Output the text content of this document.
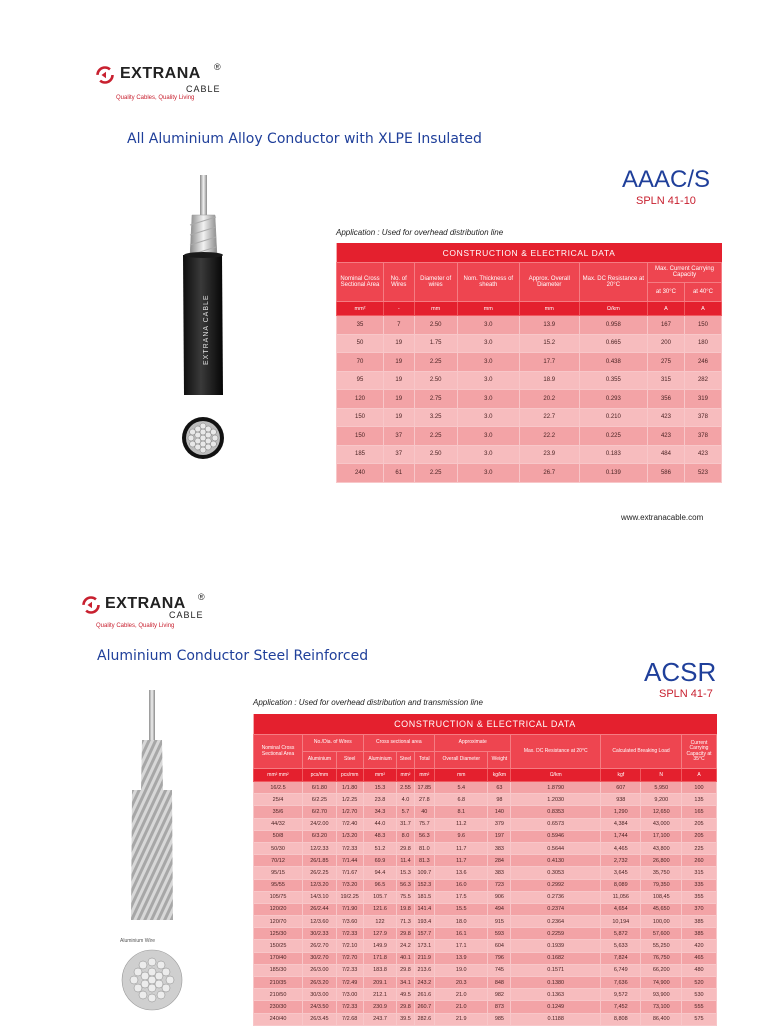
EXTRANA ®
CABLE
Quality Cables, Quality Living
All Aluminium Alloy Conductor with XLPE Insulated
AAAC/S
SPLN 41-10
EXTRANA CABLE
Application : Used for overhead distribution line
CONSTRUCTION & ELECTRICAL DATA							
Nominal Cross Sectional Area	No. of Wires	Diameter of wires	Nom. Thickness of sheath	Approx. Overall Diameter	Max. DC Resistance at 20°C	Max. Current Carrying Capacity	
						at 30°C	at 40°C
mm²	-	mm	mm	mm	Ω/km	A	A
35	7	2.50	3.0	13.9	0.958	167	150
50	19	1.75	3.0	15.2	0.665	200	180
70	19	2.25	3.0	17.7	0.438	275	246
95	19	2.50	3.0	18.9	0.355	315	282
120	19	2.75	3.0	20.2	0.293	356	319
150	19	3.25	3.0	22.7	0.210	423	378
150	37	2.25	3.0	22.2	0.225	423	378
185	37	2.50	3.0	23.9	0.183	484	423
240	61	2.25	3.0	26.7	0.139	586	523
www.extranacable.com
EXTRANA ®
CABLE
Quality Cables, Quality Living
Aluminium Conductor Steel Reinforced
ACSR
SPLN 41-7
Aluminium Wire
Application : Used for overhead distribution and transmission line
CONSTRUCTION & ELECTRICAL DATA											
Nominal Cross Sectional Area	No./Dia. of Wires		Cross sectional area			Approximate		Max. DC Resistance at 20°C	Calculated Breaking Load		Current Carrying Capacity at 35°C
	Aluminium	Steel	Aluminium	Steel	Total	Overall Diameter	Weight				
mm² mm²	pcs/mm	pcs/mm	mm²	mm²	mm²	mm	kg/km	Ω/km	kgf	N	A
16/2.5	6/1.80	1/1.80	15.3	2.55	17.85	5.4	63	1.8790	607	5,950	100
25/4	6/2.25	1/2.25	23.8	4.0	27.8	6.8	98	1.2030	938	9,200	135
35/6	6/2.70	1/2.70	34.3	5.7	40	8.1	140	0.8353	1,290	12,650	165
44/32	24/2.00	7/2.40	44.0	31.7	75.7	11.2	379	0.6573	4,384	43,000	205
50/8	6/3.20	1/3.20	48.3	8.0	56.3	9.6	197	0.5946	1,744	17,100	205
50/30	12/2.33	7/2.33	51.2	29.8	81.0	11.7	383	0.5644	4,465	43,800	225
70/12	26/1.85	7/1.44	69.9	11.4	81.3	11.7	284	0.4130	2,732	26,800	260
95/15	26/2.25	7/1.67	94.4	15.3	109.7	13.6	383	0.3053	3,645	35,750	315
95/55	12/3.20	7/3.20	96.5	56.3	152.3	16.0	723	0.2992	8,089	79,350	335
105/75	14/3.10	19/2.25	105.7	75.5	181.5	17.5	906	0.2736	11,056	108,45	355
120/20	26/2.44	7/1.90	121.6	19.8	141.4	15.5	494	0.2374	4,654	45,650	370
120/70	12/3.60	7/3.60	122	71.3	193.4	18.0	915	0.2364	10,194	100,00	385
125/30	30/2.33	7/2.33	127.9	29.8	157.7	16.1	593	0.2259	5,872	57,600	385
150/25	26/2.70	7/2.10	149.9	24.2	173.1	17.1	604	0.1939	5,633	55,250	420
170/40	30/2.70	7/2.70	171.8	40.1	211.9	13.9	796	0.1682	7,824	76,750	465
185/30	26/3.00	7/2.33	183.8	29.8	213.6	19.0	745	0.1571	6,749	66,200	480
210/35	26/3.20	7/2.49	209.1	34.1	243.2	20.3	848	0.1380	7,636	74,900	520
210/50	30/3.00	7/3.00	212.1	49.5	261.6	21.0	982	0.1363	9,572	93,900	530
230/30	24/3.50	7/2.33	230.9	29.8	260.7	21.0	873	0.1249	7,452	73,100	555
240/40	26/3.45	7/2.68	243.7	39.5	282.6	21.9	985	0.1188	8,808	86,400	575
